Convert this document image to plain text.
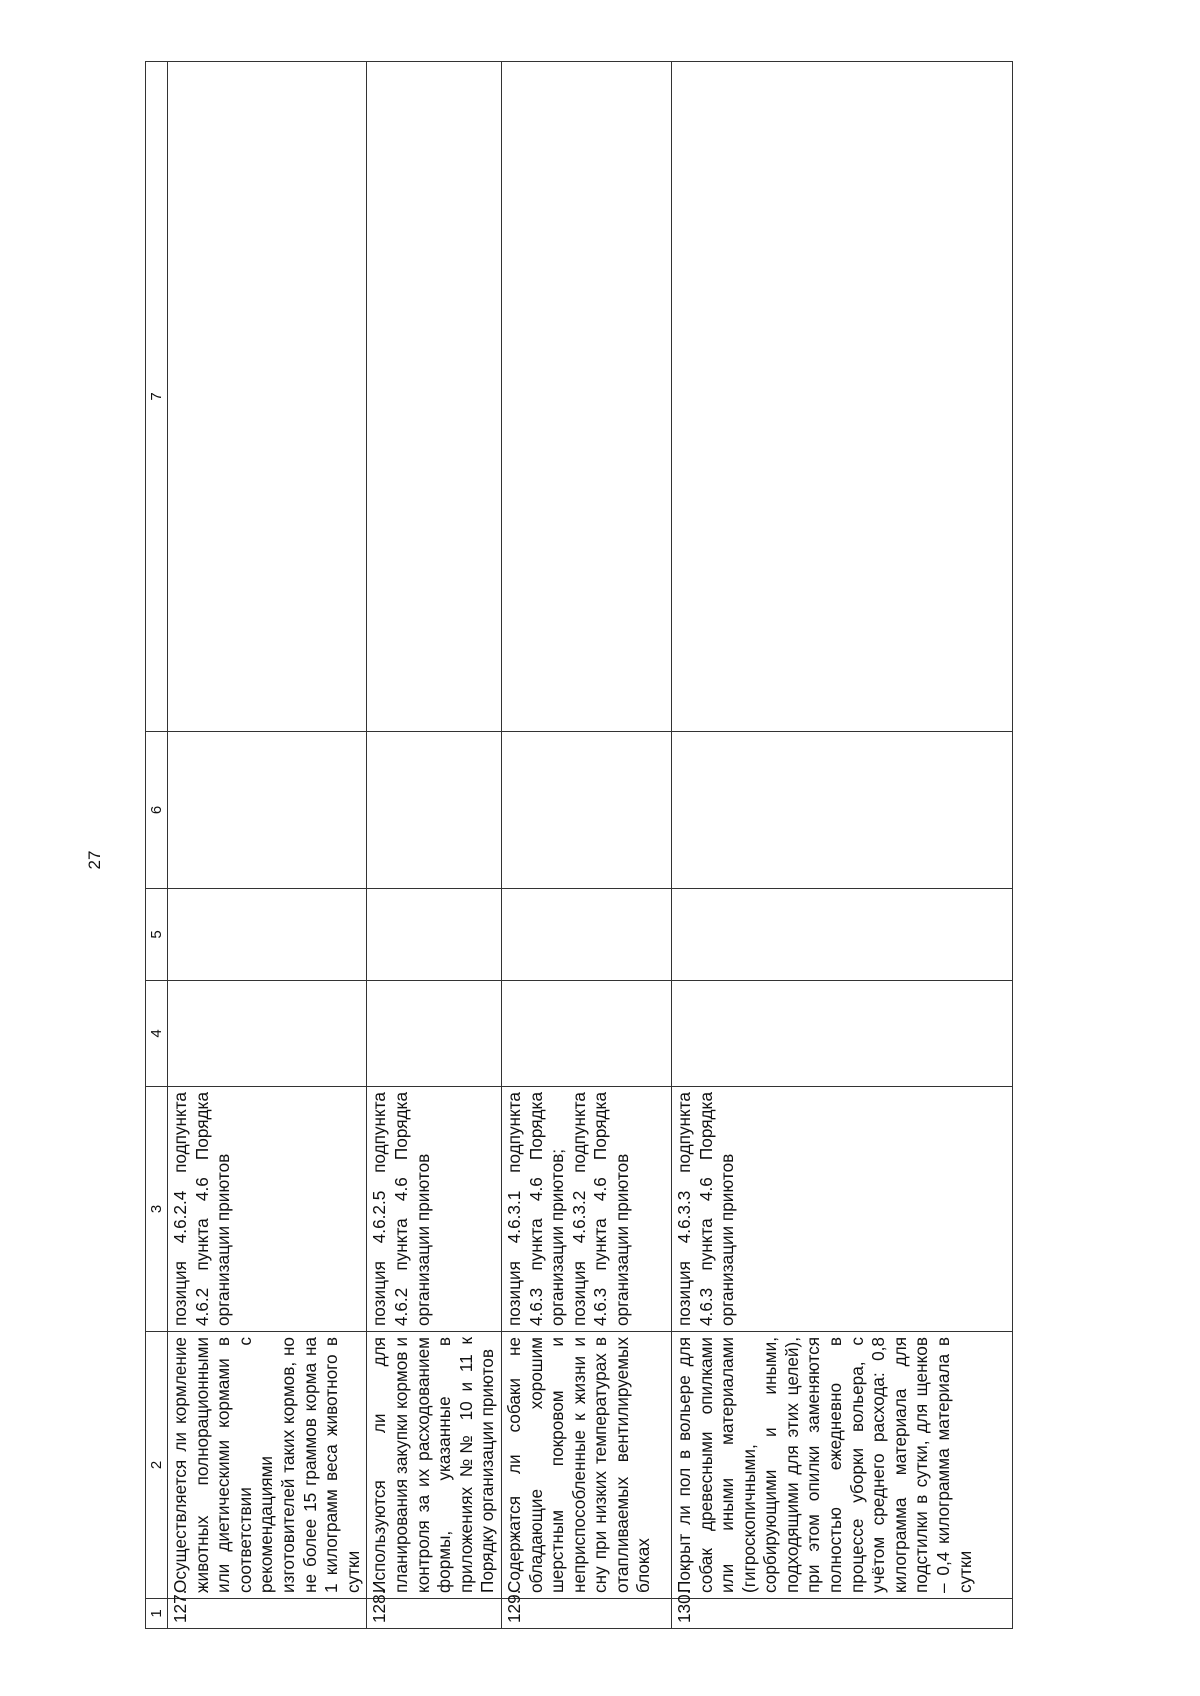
27
1	2	3	4	5	6	7
127.	Осуществляется ли кормление животных полнорационными или диетическими кормами в соответствии с рекомендациями изготовителей таких кормов, но не более 15 граммов корма на 1 килограмм веса животного в сутки	позиция 4.6.2.4 подпункта 4.6.2 пункта 4.6 Порядка организации приютов				

128.	Используются ли для планирования закупки кормов и контроля за их расходованием формы, указанные в приложениях №№ 10 и 11 к Порядку организации приютов	позиция 4.6.2.5 подпункта 4.6.2 пункта 4.6 Порядка организации приютов				

129.	Содержатся ли собаки не обладающие хорошим шерстным покровом и неприспособленные к жизни и сну при низких температурах в отапливаемых вентилируемых блоках	позиция 4.6.3.1 подпункта 4.6.3 пункта 4.6 Порядка организации приютов; позиция 4.6.3.2 подпункта 4.6.3 пункта 4.6 Порядка организации приютов				

130.	Покрыт ли пол в вольере для собак древесными опилками или иными материалами (гигроскопичными, сорбирующими и иными, подходящими для этих целей), при этом опилки заменяются полностью ежедневно в процессе уборки вольера, с учётом среднего расхода: 0,8 килограмма материала для подстилки в сутки, для щенков – 0,4 килограмма материала в сутки	позиция 4.6.3.3 подпункта 4.6.3 пункта 4.6 Порядка организации приютов				
